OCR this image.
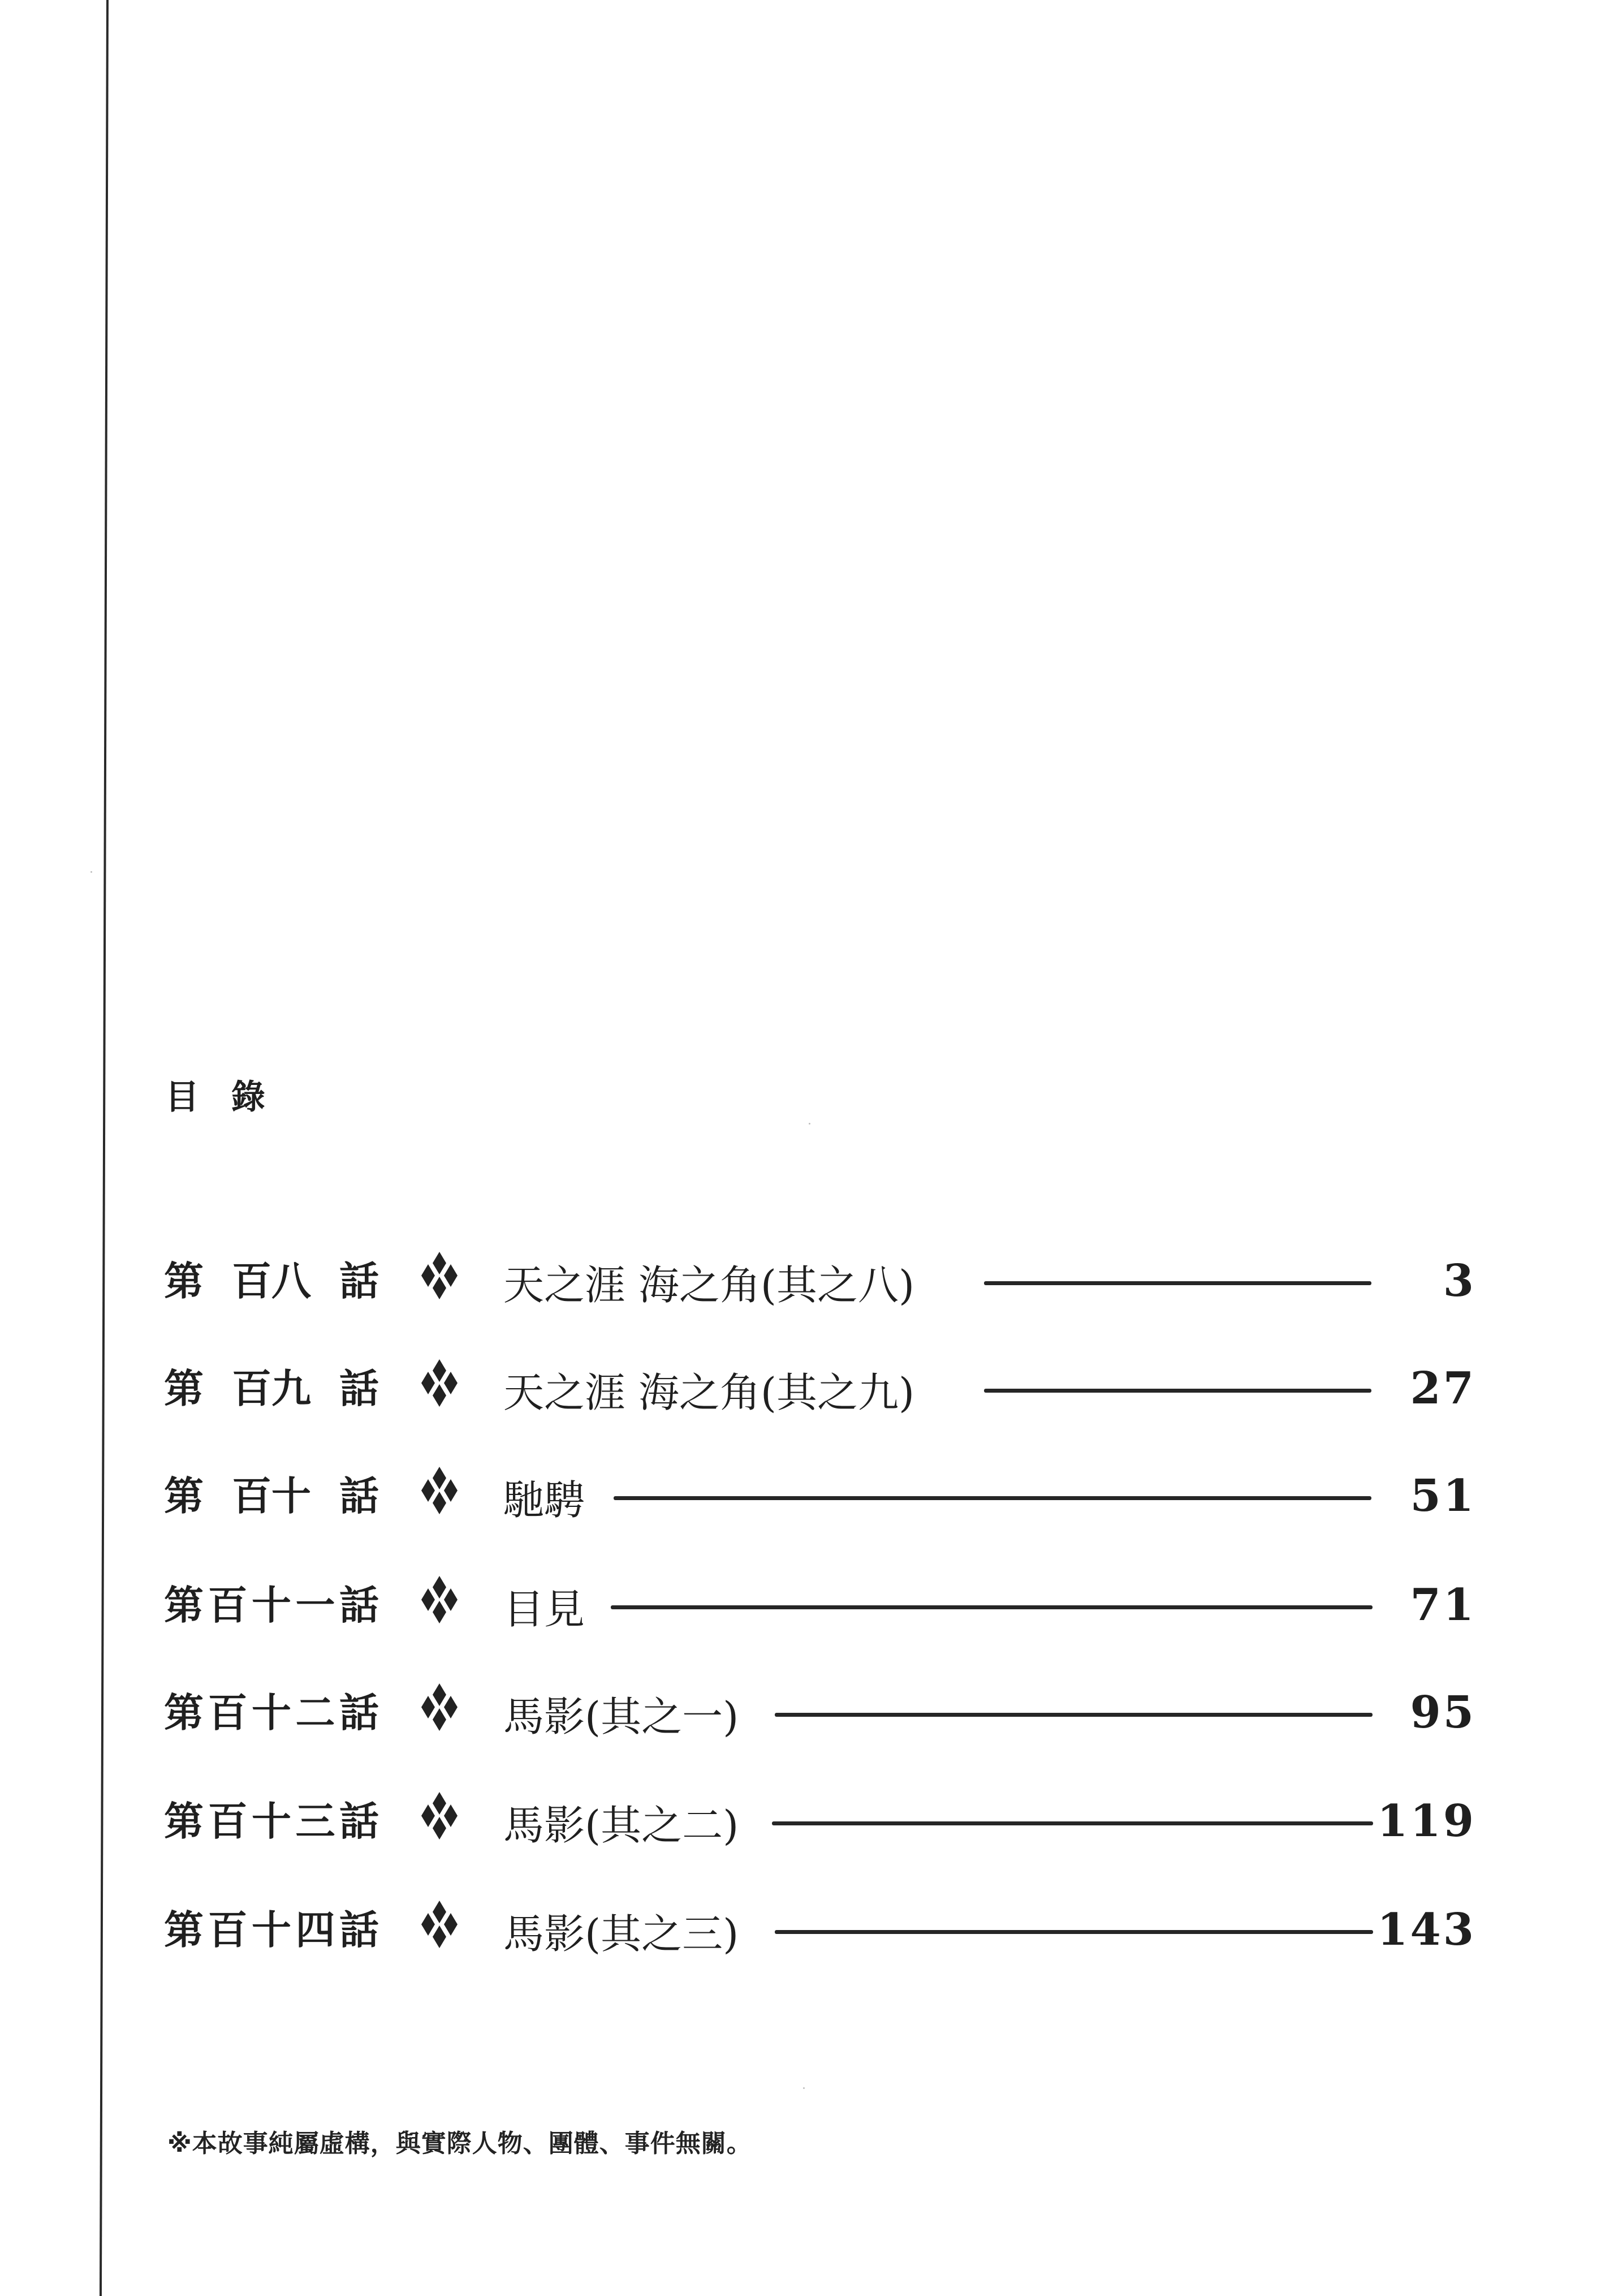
目 錄
第 百八 話	天之涯 海之角(其之八)	3
第 百九 話	天之涯 海之角(其之九)	27
第 百十 話	馳騁	51
第 百 十 一 話	目見	71
第 百 十 二 話	馬影(其之一)	95
第 百 十 三 話	馬影(其之二)	119
第 百 十 四 話	馬影(其之三)	143
※本故事純屬虛構，與實際人物、團體、事件無關。
